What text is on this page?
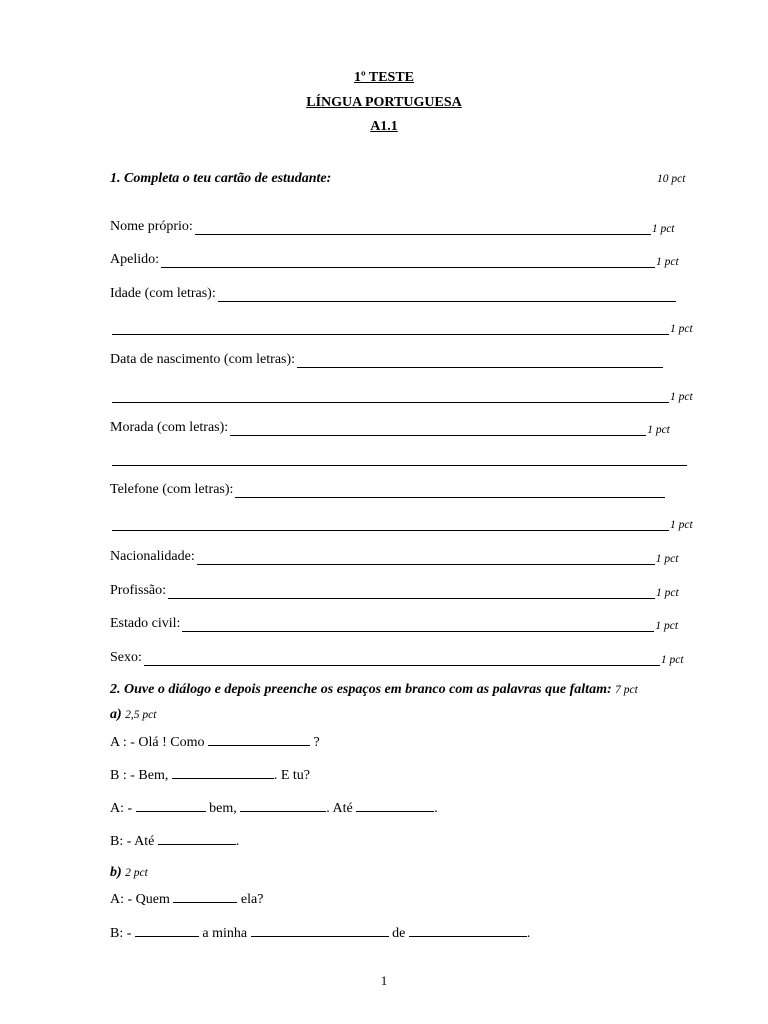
1º TESTE
LÍNGUA PORTUGUESA
A1.1
1. Completa o teu cartão de estudante:	10 pct
Nome próprio:	1 pct
Apelido:	1 pct
Idade (com letras):
1 pct
Data de nascimento (com letras):
1 pct
Morada (com letras):	1 pct
Telefone (com letras):
1 pct
Nacionalidade:	1 pct
Profissão:	1 pct
Estado civil:	1 pct
Sexo:	1 pct
2. Ouve o diálogo e depois preenche os espaços em branco com as palavras que faltam: 7 pct
a) 2,5 pct
A : - Olá ! Como	?
B : - Bem,	. E tu?
A: -	bem,	. Até	.
B: - Até	.
b) 2 pct
A: - Quem	ela?
B: -	a minha	de	.
1
